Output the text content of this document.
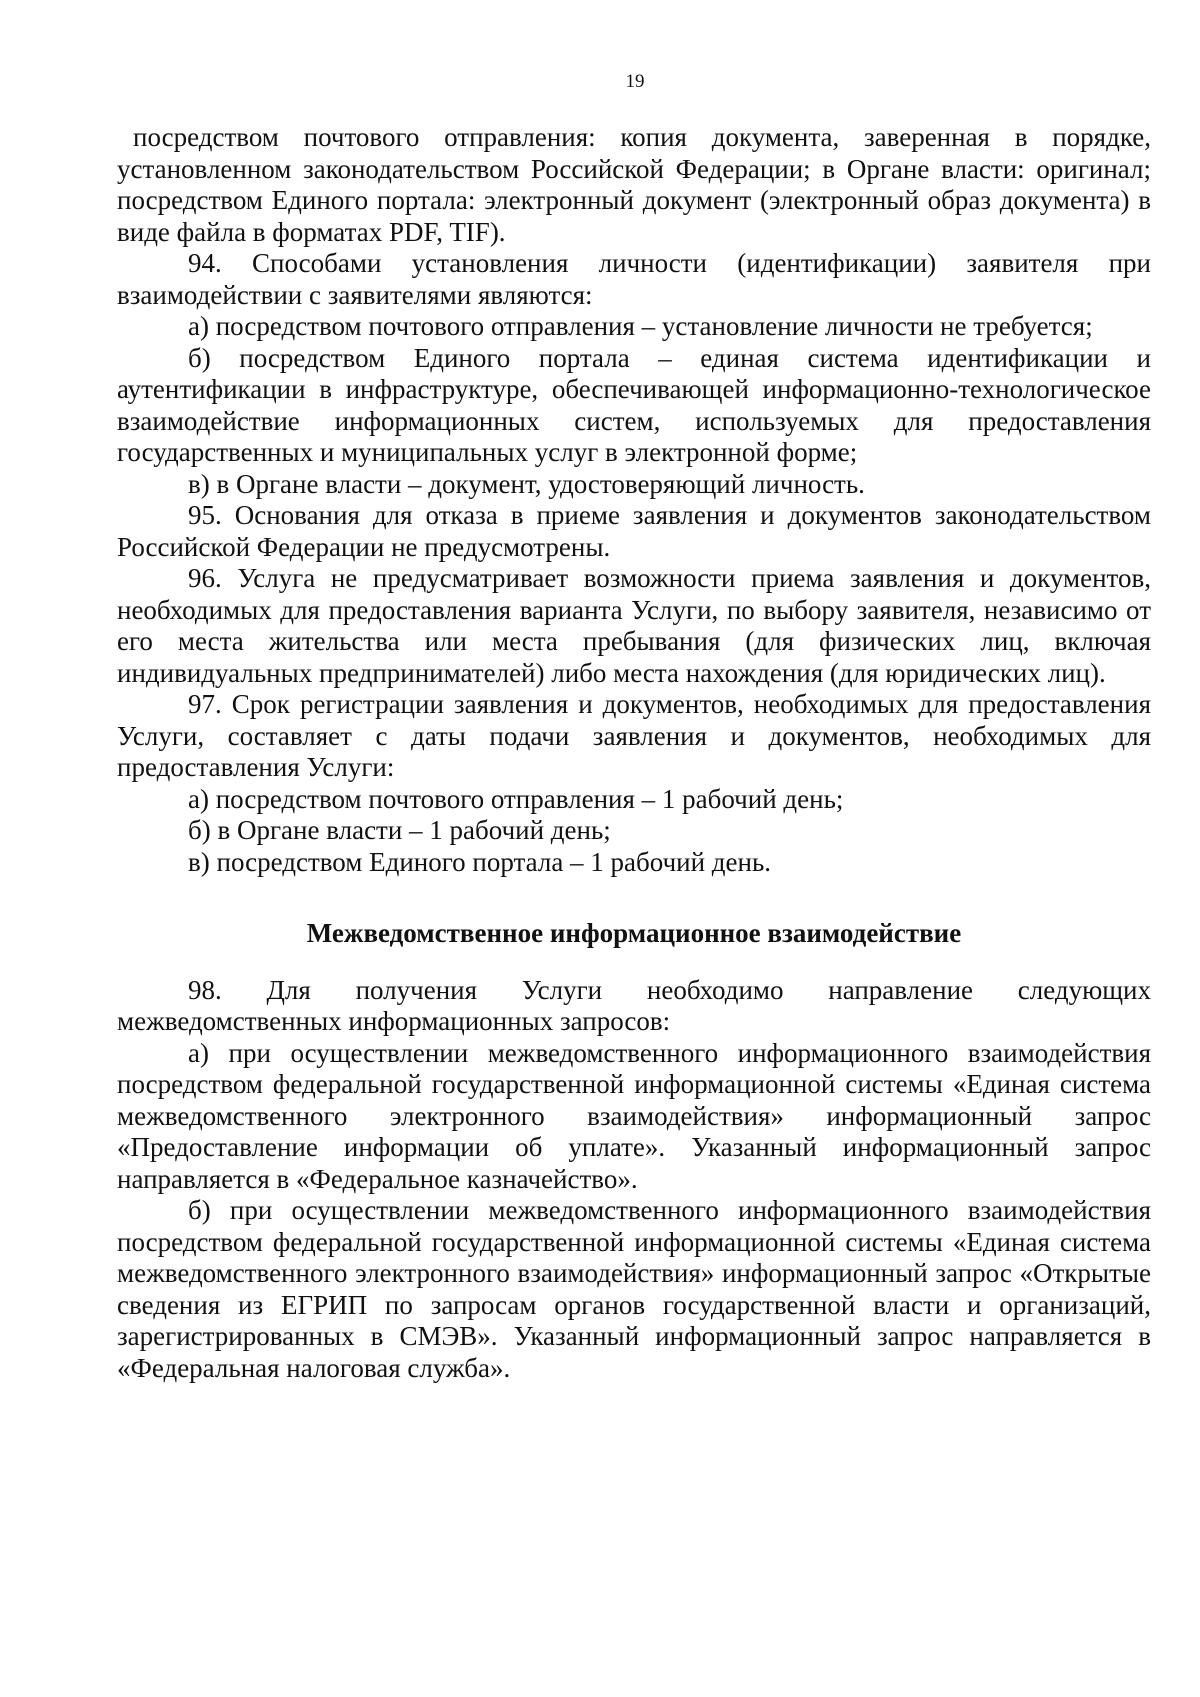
19

посредством почтового отправления: копия документа, заверенная в порядке, установленном законодательством Российской Федерации; в Органе власти: оригинал; посредством Единого портала: электронный документ (электронный образ документа) в виде файла в форматах PDF, TIF).

94. Способами установления личности (идентификации) заявителя при взаимодействии с заявителями являются:

а) посредством почтового отправления – установление личности не требуется;

б) посредством Единого портала – единая система идентификации и аутентификации в инфраструктуре, обеспечивающей информационно-технологическое взаимодействие информационных систем, используемых для предоставления государственных и муниципальных услуг в электронной форме;

в) в Органе власти – документ, удостоверяющий личность.

95. Основания для отказа в приеме заявления и документов законодательством Российской Федерации не предусмотрены.

96. Услуга не предусматривает возможности приема заявления и документов, необходимых для предоставления варианта Услуги, по выбору заявителя, независимо от его места жительства или места пребывания (для физических лиц, включая индивидуальных предпринимателей) либо места нахождения (для юридических лиц).

97. Срок регистрации заявления и документов, необходимых для предоставления Услуги, составляет с даты подачи заявления и документов, необходимых для предоставления Услуги:

а) посредством почтового отправления – 1 рабочий день;

б) в Органе власти – 1 рабочий день;

в) посредством Единого портала – 1 рабочий день.

Межведомственное информационное взаимодействие

98. Для получения Услуги необходимо направление следующих межведомственных информационных запросов:

а) при осуществлении межведомственного информационного взаимодействия посредством федеральной государственной информационной системы «Единая система межведомственного электронного взаимодействия» информационный запрос «Предоставление информации об уплате». Указанный информационный запрос направляется в «Федеральное казначейство».

б) при осуществлении межведомственного информационного взаимодействия посредством федеральной государственной информационной системы «Единая система межведомственного электронного взаимодействия» информационный запрос «Открытые сведения из ЕГРИП по запросам органов государственной власти и организаций, зарегистрированных в СМЭВ». Указанный информационный запрос направляется в «Федеральная налоговая служба».
